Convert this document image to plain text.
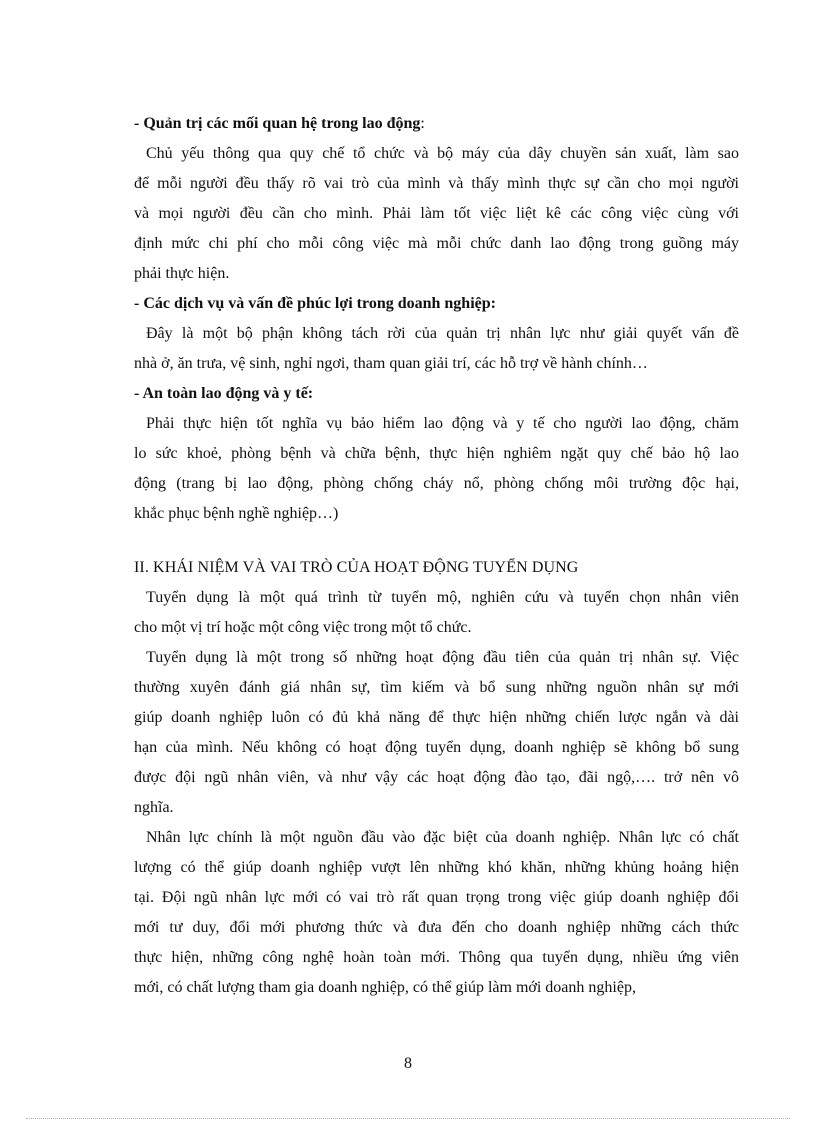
- Quản trị các mối quan hệ trong lao động:
Chủ yếu thông qua quy chế tổ chức và bộ máy của dây chuyền sản xuất, làm sao
để mỗi người đều thấy rõ vai trò của mình và thấy mình thực sự cần cho mọi người
và mọi người đều cần cho mình. Phải làm tốt việc liệt kê các công việc cùng với
định mức chi phí cho mỗi công việc mà mỗi chức danh lao động trong guồng máy
phải thực hiện.
- Các dịch vụ và vấn đề phúc lợi trong doanh nghiệp:
Đây là một bộ phận không tách rời của quản trị nhân lực như giải quyết vấn đề
nhà ở, ăn trưa, vệ sinh, nghỉ ngơi, tham quan giải trí, các hỗ trợ về hành chính…
- An toàn lao động và y tế:
Phải thực hiện tốt nghĩa vụ bảo hiểm lao động và y tế cho người lao động, chăm
lo sức khoẻ, phòng bệnh và chữa bệnh, thực hiện nghiêm ngặt quy chế bảo hộ lao
động (trang bị lao động, phòng chống cháy nổ, phòng chống môi trường độc hại,
khắc phục bệnh nghề nghiệp…)
II. KHÁI NIỆM VÀ VAI TRÒ CỦA HOẠT ĐỘNG TUYỂN DỤNG
Tuyển dụng là một quá trình từ tuyển mộ, nghiên cứu và tuyển chọn nhân viên
cho một vị trí hoặc một công việc trong một tổ chức.
Tuyển dụng là một trong số những hoạt động đầu tiên của quản trị nhân sự. Việc
thường xuyên đánh giá nhân sự, tìm kiếm và bổ sung những nguồn nhân sự mới
giúp doanh nghiệp luôn có đủ khả năng để thực hiện những chiến lược ngắn và dài
hạn của mình. Nếu không có hoạt động tuyển dụng, doanh nghiệp sẽ không bổ sung
được đội ngũ nhân viên, và như vậy các hoạt động đào tạo, đãi ngộ,…. trở nên vô
nghĩa.
Nhân lực chính là một nguồn đầu vào đặc biệt của doanh nghiệp. Nhân lực có chất
lượng có thể giúp doanh nghiệp vượt lên những khó khăn, những khủng hoảng hiện
tại. Đội ngũ nhân lực mới có vai trò rất quan trọng trong việc giúp doanh nghiệp đổi
mới tư duy, đổi mới phương thức và đưa đến cho doanh nghiệp những cách thức
thực hiện, những công nghệ hoàn toàn mới. Thông qua tuyển dụng, nhiều ứng viên
mới, có chất lượng tham gia doanh nghiệp, có thể giúp làm mới doanh nghiệp,
8
